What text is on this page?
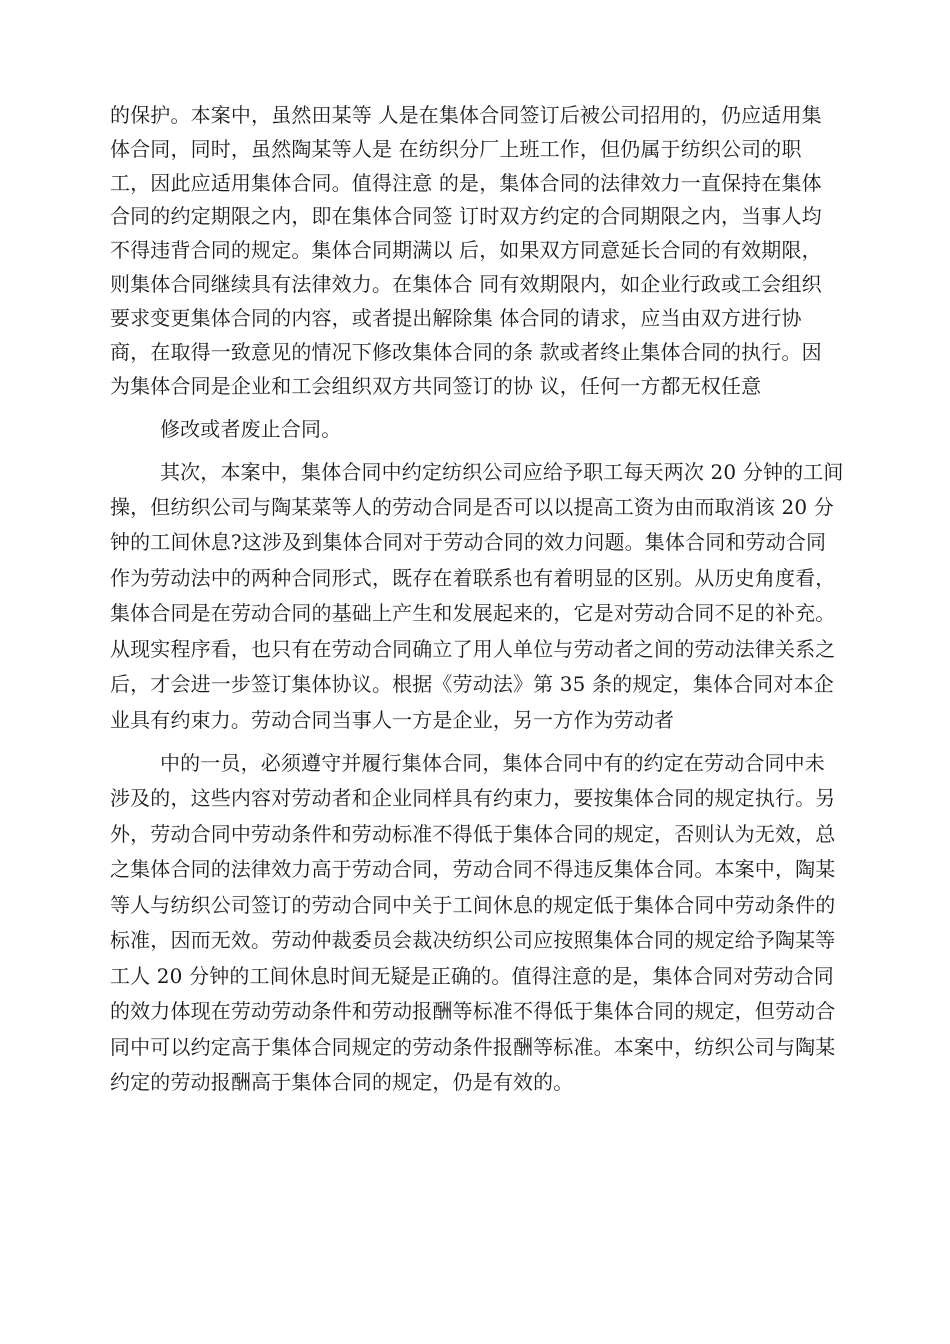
的保护。本案中，虽然田某等 人是在集体合同签订后被公司招用的，仍应适用集
体合同，同时，虽然陶某等人是 在纺织分厂上班工作，但仍属于纺织公司的职
工，因此应适用集体合同。值得注意 的是，集体合同的法律效力一直保持在集体
合同的约定期限之内，即在集体合同签 订时双方约定的合同期限之内，当事人均
不得违背合同的规定。集体合同期满以 后，如果双方同意延长合同的有效期限，
则集体合同继续具有法律效力。在集体合 同有效期限内，如企业行政或工会组织
要求变更集体合同的内容，或者提出解除集 体合同的请求，应当由双方进行协
商，在取得一致意见的情况下修改集体合同的条 款或者终止集体合同的执行。因
为集体合同是企业和工会组织双方共同签订的协 议，任何一方都无权任意
修改或者废止合同。
其次，本案中，集体合同中约定纺织公司应给予职工每天两次 20 分钟的工间
操，但纺织公司与陶某菜等人的劳动合同是否可以以提高工资为由而取消该 20 分
钟的工间休息?这涉及到集体合同对于劳动合同的效力问题。集体合同和劳动合同
作为劳动法中的两种合同形式，既存在着联系也有着明显的区别。从历史角度看，
集体合同是在劳动合同的基础上产生和发展起来的，它是对劳动合同不足的补充。
从现实程序看，也只有在劳动合同确立了用人单位与劳动者之间的劳动法律关系之
后，才会进一步签订集体协议。根据《劳动法》第 35 条的规定，集体合同对本企
业具有约束力。劳动合同当事人一方是企业，另一方作为劳动者
中的一员，必须遵守并履行集体合同，集体合同中有的约定在劳动合同中未
涉及的，这些内容对劳动者和企业同样具有约束力，要按集体合同的规定执行。另
外，劳动合同中劳动条件和劳动标准不得低于集体合同的规定，否则认为无效，总
之集体合同的法律效力高于劳动合同，劳动合同不得违反集体合同。本案中，陶某
等人与纺织公司签订的劳动合同中关于工间休息的规定低于集体合同中劳动条件的
标准，因而无效。劳动仲裁委员会裁决纺织公司应按照集体合同的规定给予陶某等
工人 20 分钟的工间休息时间无疑是正确的。值得注意的是，集体合同对劳动合同
的效力体现在劳动劳动条件和劳动报酬等标准不得低于集体合同的规定，但劳动合
同中可以约定高于集体合同规定的劳动条件报酬等标准。本案中，纺织公司与陶某
约定的劳动报酬高于集体合同的规定，仍是有效的。
